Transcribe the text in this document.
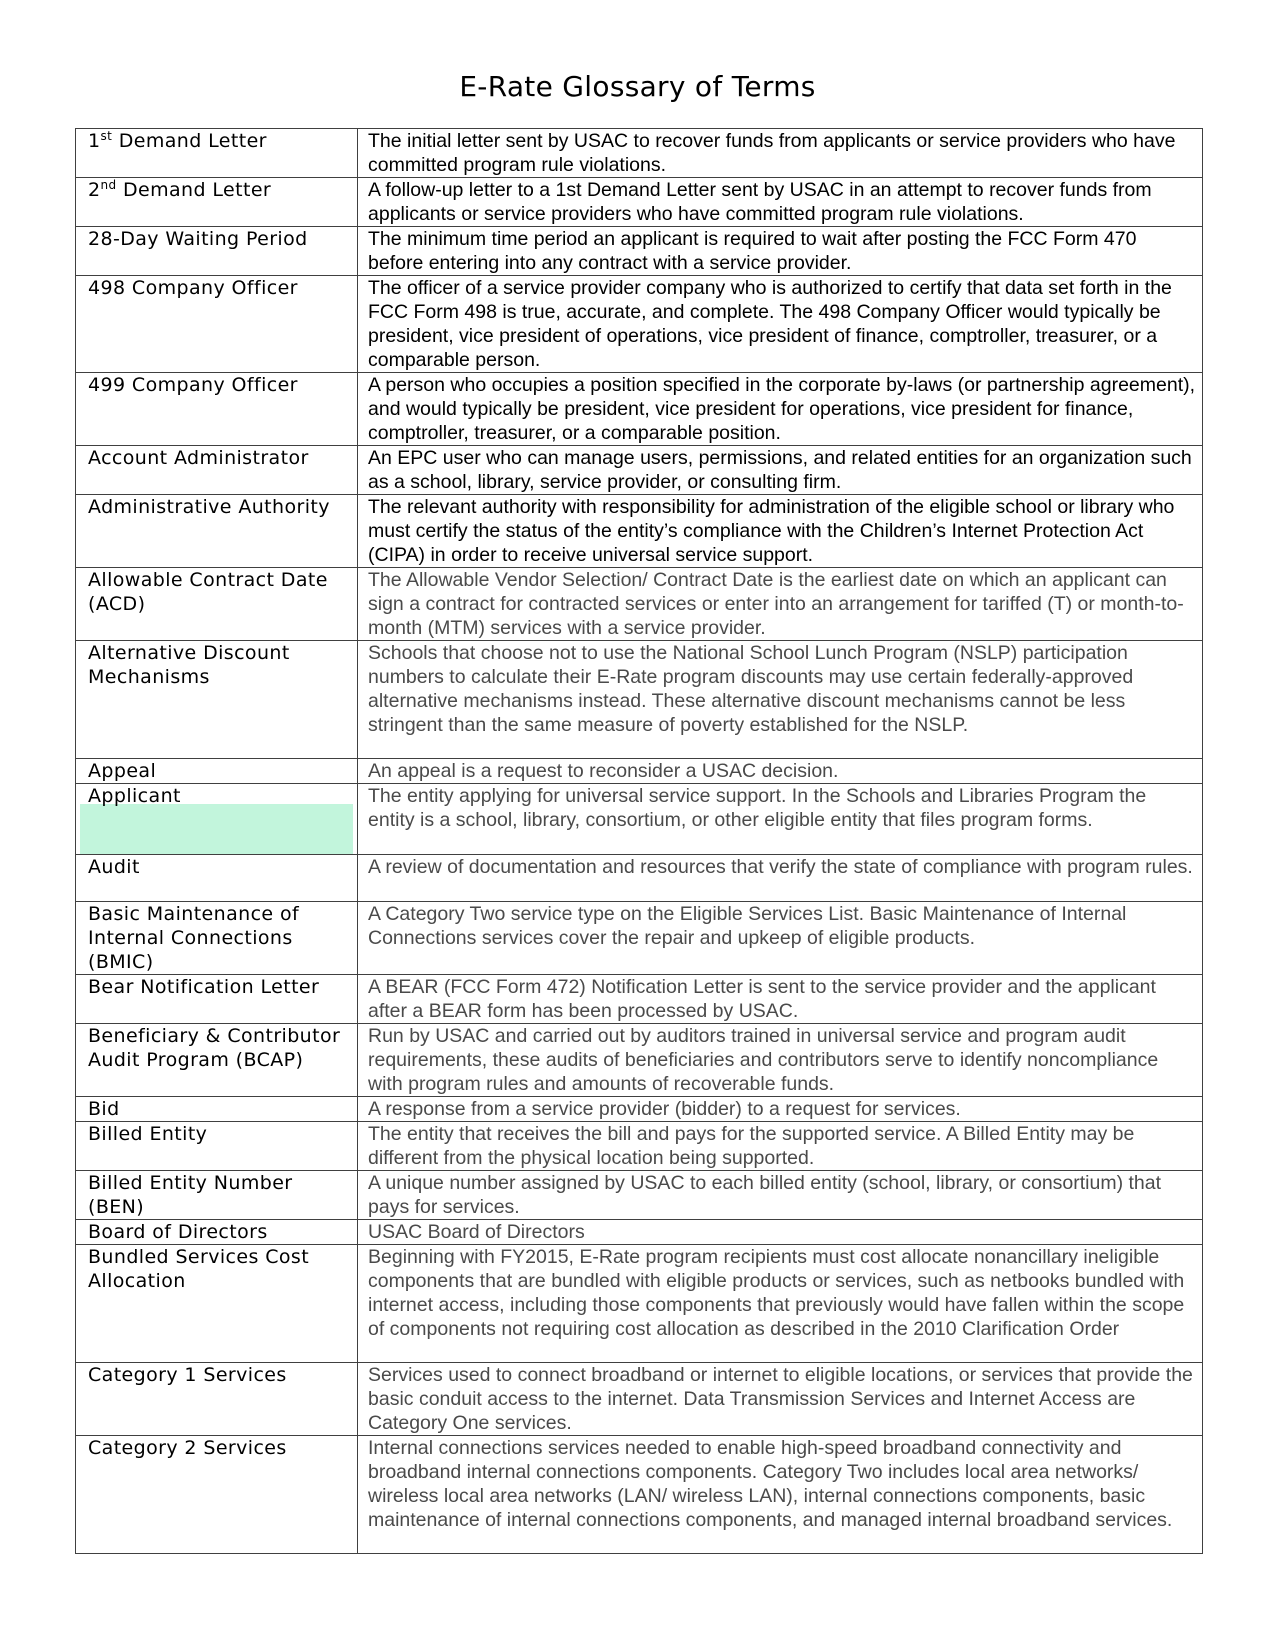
E-Rate Glossary of Terms
1st Demand Letter	The initial letter sent by USAC to recover funds from applicants or service providers who have committed program rule violations.
2nd Demand Letter	A follow-up letter to a 1st Demand Letter sent by USAC in an attempt to recover funds from applicants or service providers who have committed program rule violations.
28-Day Waiting Period	The minimum time period an applicant is required to wait after posting the FCC Form 470 before entering into any contract with a service provider.
498 Company Officer	The officer of a service provider company who is authorized to certify that data set forth in the FCC Form 498 is true, accurate, and complete. The 498 Company Officer would typically be president, vice president of operations, vice president of finance, comptroller, treasurer, or a comparable person.
499 Company Officer	A person who occupies a position specified in the corporate by-laws (or partnership agreement), and would typically be president, vice president for operations, vice president for finance, comptroller, treasurer, or a comparable position.
Account Administrator	An EPC user who can manage users, permissions, and related entities for an organization such as a school, library, service provider, or consulting firm.
Administrative Authority	The relevant authority with responsibility for administration of the eligible school or library who must certify the status of the entity’s compliance with the Children’s Internet Protection Act (CIPA) in order to receive universal service support.
Allowable Contract Date (ACD)	The Allowable Vendor Selection/ Contract Date is the earliest date on which an applicant can sign a contract for contracted services or enter into an arrangement for tariffed (T) or month-to-month (MTM) services with a service provider.
Alternative Discount Mechanisms	Schools that choose not to use the National School Lunch Program (NSLP) participation numbers to calculate their E-Rate program discounts may use certain federally-approved alternative mechanisms instead. These alternative discount mechanisms cannot be less stringent than the same measure of poverty established for the NSLP.
Appeal	An appeal is a request to reconsider a USAC decision.

Applicant	The entity applying for universal service support. In the Schools and Libraries Program the entity is a school, library, consortium, or other eligible entity that files program forms.
Audit	A review of documentation and resources that verify the state of compliance with program rules.
Basic Maintenance of Internal Connections (BMIC)	A Category Two service type on the Eligible Services List. Basic Maintenance of Internal Connections services cover the repair and upkeep of eligible products.
Bear Notification Letter	A BEAR (FCC Form 472) Notification Letter is sent to the service provider and the applicant after a BEAR form has been processed by USAC.
Beneficiary & Contributor Audit Program (BCAP)	Run by USAC and carried out by auditors trained in universal service and program audit requirements, these audits of beneficiaries and contributors serve to identify noncompliance with program rules and amounts of recoverable funds.
Bid	A response from a service provider (bidder) to a request for services.
Billed Entity	The entity that receives the bill and pays for the supported service. A Billed Entity may be different from the physical location being supported.
Billed Entity Number (BEN)	A unique number assigned by USAC to each billed entity (school, library, or consortium) that pays for services.
Board of Directors	USAC Board of Directors
Bundled Services Cost Allocation	Beginning with FY2015, E-Rate program recipients must cost allocate nonancillary ineligible components that are bundled with eligible products or services, such as netbooks bundled with internet access, including those components that previously would have fallen within the scope of components not requiring cost allocation as described in the 2010 Clarification Order
Category 1 Services	Services used to connect broadband or internet to eligible locations, or services that provide the basic conduit access to the internet. Data Transmission Services and Internet Access are Category One services.
Category 2 Services	Internal connections services needed to enable high-speed broadband connectivity and broadband internal connections components. Category Two includes local area networks/ wireless local area networks (LAN/ wireless LAN), internal connections components, basic maintenance of internal connections components, and managed internal broadband services.
